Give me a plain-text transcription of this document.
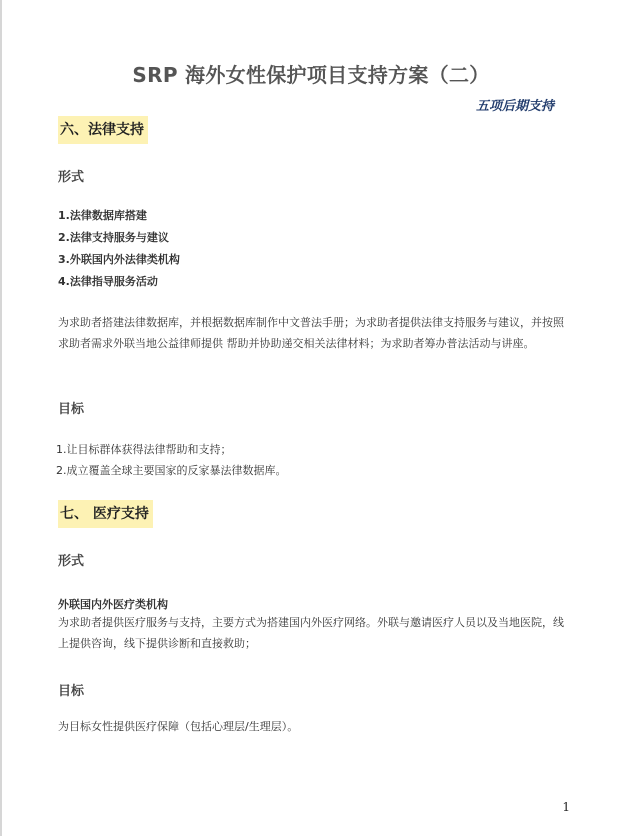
SRP 海外女性保护项目支持方案（二）
五项后期支持
六、法律支持
形式
1.法律数据库搭建
2.法律支持服务与建议
3.外联国内外法律类机构
4.法律指导服务活动

为求助者搭建法律数据库，并根据数据库制作中文普法手册；为求助者提供法律支持服务与建议，并按照求助者需求外联当地公益律师提供 帮助并协助递交相关法律材料；为求助者筹办普法活动与讲座。

目标
1.让目标群体获得法律帮助和支持；
2.成立覆盖全球主要国家的反家暴法律数据库。
七、 医疗支持
形式
外联国内外医疗类机构

为求助者提供医疗服务与支持，主要方式为搭建国内外医疗网络。外联与邀请医疗人员以及当地医院，线上提供咨询，线下提供诊断和直接救助；

目标

为目标女性提供医疗保障（包括心理层/生理层）。

1
